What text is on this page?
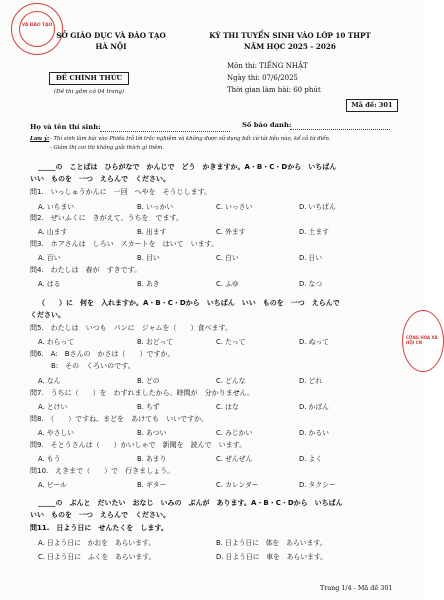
VÀ ĐÀO TẠO
SỞ GIÁO DỤC VÀ ĐÀO TẠO
HÀ NỘI
KỲ THI TUYỂN SINH VÀO LỚP 10 THPT
NĂM HỌC 2025 - 2026
ĐỀ CHÍNH THỨC
(Đề thi gồm có 04 trang)
Môn thi: TIẾNG NHẬT
Ngày thi: 07/6/2025
Thời gian làm bài: 60 phút
Mã đề: 301
Họ và tên thí sinh:	Số báo danh:
Lưu ý: - Thí sinh làm bài vào Phiếu trả lời trắc nghiệm và không được sử dụng bất cứ tài liệu nào, kể cả từ điển.
- Giám thị coi thi không giải thích gì thêm.
_____の　ことばは　ひらがなで　かんじで　どう　かきますか。A・B・C・Dから　いちばん
いい　ものを　一つ　えらんで　ください。
問1.　いっしゅうかんに　一回　へやを　そうじします。
A. いちまい	B. いっかい	C. いっさい	D. いちばん
問2.　ぜいふくに　きがえて、うちを　でます。
A. 山ます	B. 出ます	C. 外ます	D. 土ます
問3.　ホアさんは　しろい　スカートを　はいて　います。
A. 百い	B. 目い	C. 白い	D. 日い
問4.　わたしは　春が　すきです。
A. はる	B. あき	C. ふゆ	D. なつ
（　　）に　何を　入れますか。A・B・C・Dから　いちばん　いい　ものを　一つ　えらんで
ください。
問5.　わたしは　いつも　パンに　ジャムを（　　）食べます。
A. わらって	B. おどって	C. たって	D. ぬって
問6.　A:　Bさんの　かさは（　　）ですか。
　　　B:　その　くろいのです。
A. なん	B. どの	C. どんな	D. どれ
問7.　うちに（　　）を　わすれましたから、時間が　分かりません。
A. とけい	B. ちず	C. はな	D. かばん
問8.　（　　）ですね。まどを　あけても　いいですか。
A. やさしい	B. あつい	C. みじかい	D. かるい
問9.　そとうさんは（　　）かいしゃで　新聞を　読んで　います。
A. もう	B. あまり	C. ぜんぜん	D. よく
問10.　えきまで（　　）で　行きましょう。
A. ビール	B. ギター	C. カレンダー	D. タクシー
_____の　ぶんと　だいたい　おなじ　いみの　ぶんが　あります。A・B・C・Dから　いちばん
いい　ものを　一つ　えらんで　ください。
問11.　日よう日に　せんたくを　します。
A. 日よう日に　かおを　あらいます。	B. 日よう日に　体を　あらいます。
C. 日よう日に　ふくを　あらいます。	D. 日よう日に　車を　あらいます。
Trang 1/4 - Mã đề 301
CỘNG HÒA XÃ HỘI CN
